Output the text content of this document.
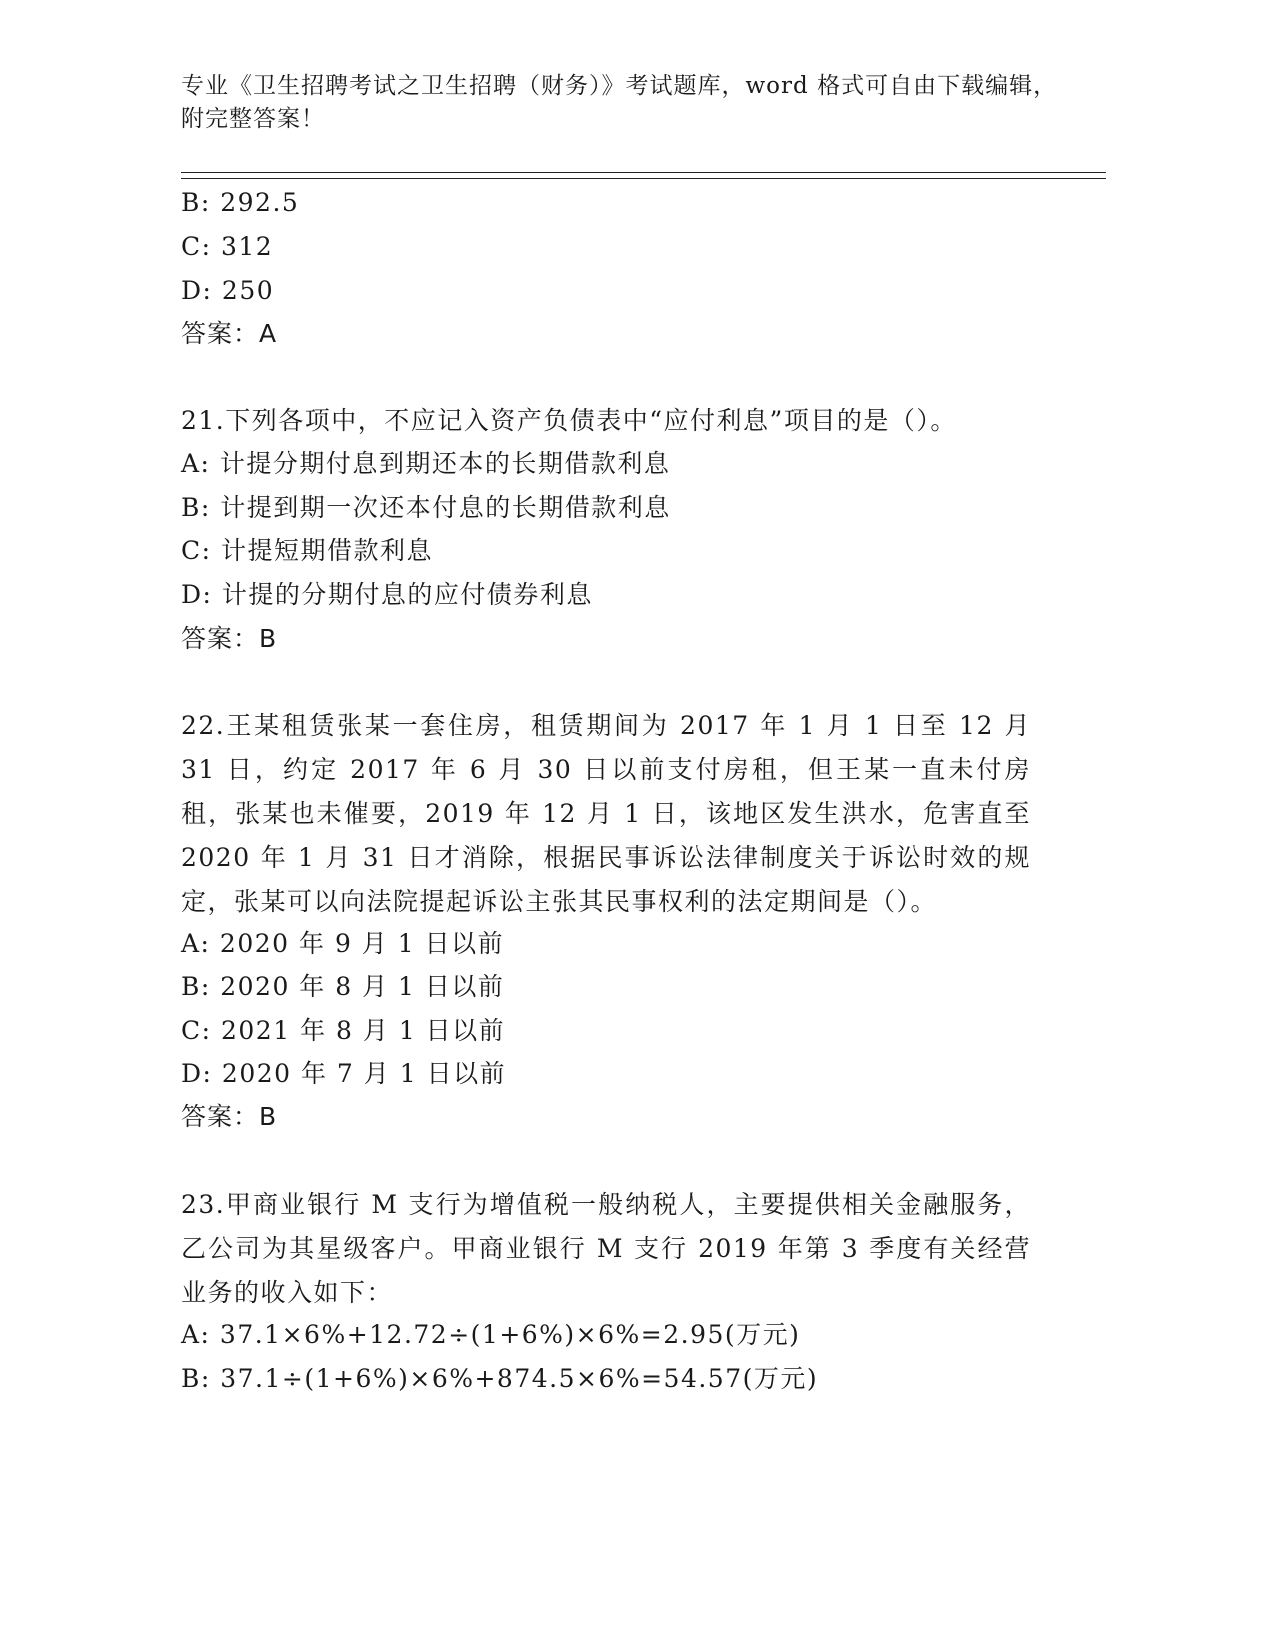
专业《卫生招聘考试之卫生招聘（财务）》考试题库，word 格式可自由下载编辑，附完整答案！
B: 292.5
C: 312
D: 250
答案：A
21.下列各项中，不应记入资产负债表中“应付利息”项目的是（）。
A: 计提分期付息到期还本的长期借款利息
B: 计提到期一次还本付息的长期借款利息
C: 计提短期借款利息
D: 计提的分期付息的应付债券利息
答案：B
22.王某租赁张某一套住房，租赁期间为 2017 年 1 月 1 日至 12 月 31 日，约定 2017 年 6 月 30 日以前支付房租，但王某一直未付房租，张某也未催要，2019 年 12 月 1 日，该地区发生洪水，危害直至 2020 年 1 月 31 日才消除，根据民事诉讼法律制度关于诉讼时效的规定，张某可以向法院提起诉讼主张其民事权利的法定期间是（）。
A: 2020 年 9 月 1 日以前
B: 2020 年 8 月 1 日以前
C: 2021 年 8 月 1 日以前
D: 2020 年 7 月 1 日以前
答案：B
23.甲商业银行 M 支行为增值税一般纳税人，主要提供相关金融服务，乙公司为其星级客户。甲商业银行 M 支行 2019 年第 3 季度有关经营业务的收入如下：
A: 37.1×6%+12.72÷(1+6%)×6%=2.95(万元)
B: 37.1÷(1+6%)×6%+874.5×6%=54.57(万元)
